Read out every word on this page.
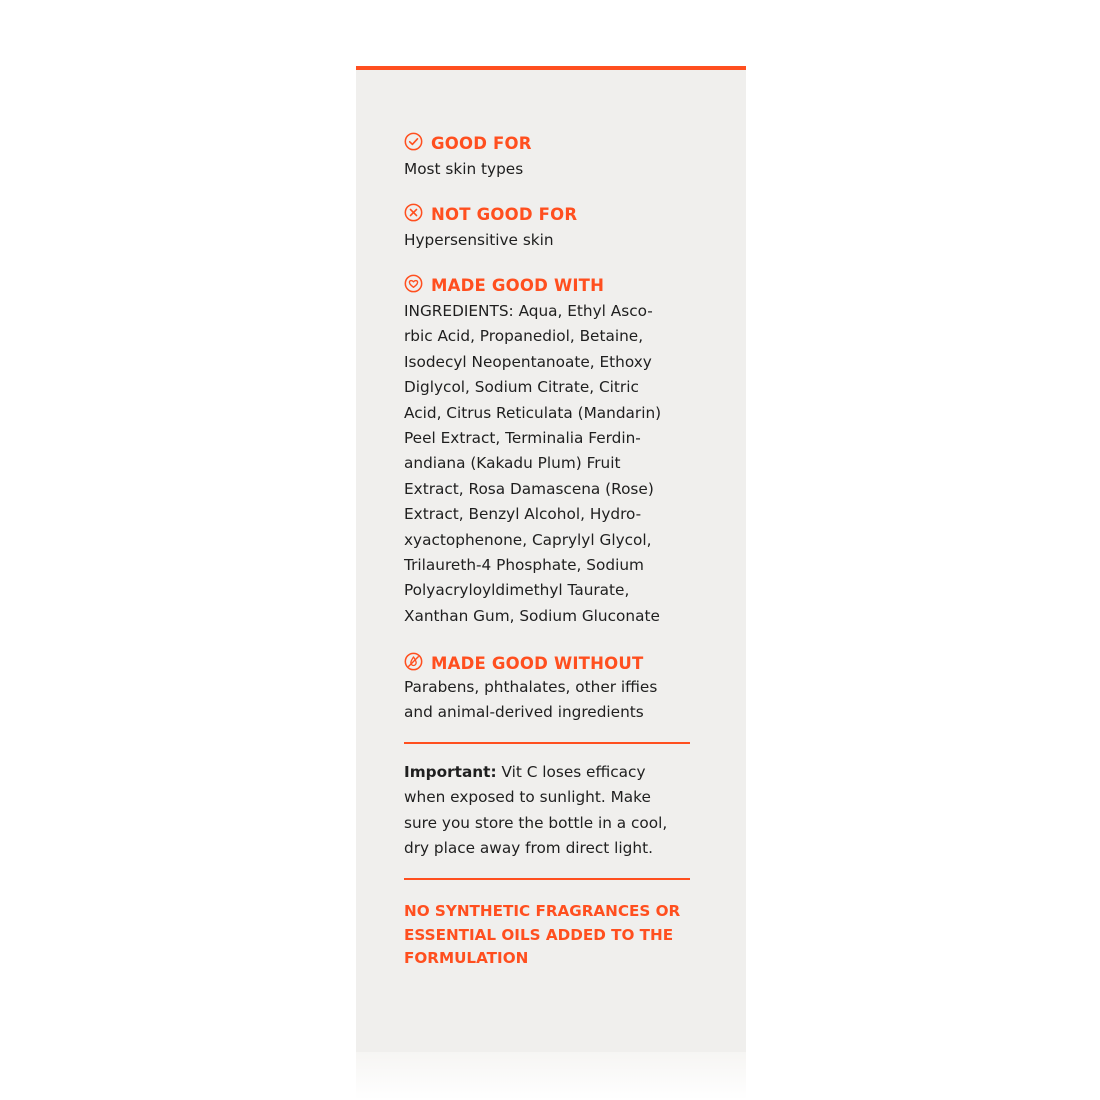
GOOD FOR
Most skin types
NOT GOOD FOR
Hypersensitive skin
MADE GOOD WITH
INGREDIENTS: Aqua, Ethyl Asco-
rbic Acid, Propanediol, Betaine,
Isodecyl Neopentanoate, Ethoxy
Diglycol, Sodium Citrate, Citric
Acid, Citrus Reticulata (Mandarin)
Peel Extract, Terminalia Ferdin-
andiana (Kakadu Plum) Fruit
Extract, Rosa Damascena (Rose)
Extract, Benzyl Alcohol, Hydro-
xyactophenone, Caprylyl Glycol,
Trilaureth-4 Phosphate, Sodium
Polyacryloyldimethyl Taurate,
Xanthan Gum, Sodium Gluconate
MADE GOOD WITHOUT
Parabens, phthalates, other iffies
and animal-derived ingredients
Important: Vit C loses efficacy
when exposed to sunlight. Make
sure you store the bottle in a cool,
dry place away from direct light.
NO SYNTHETIC FRAGRANCES OR
ESSENTIAL OILS ADDED TO THE
FORMULATION
